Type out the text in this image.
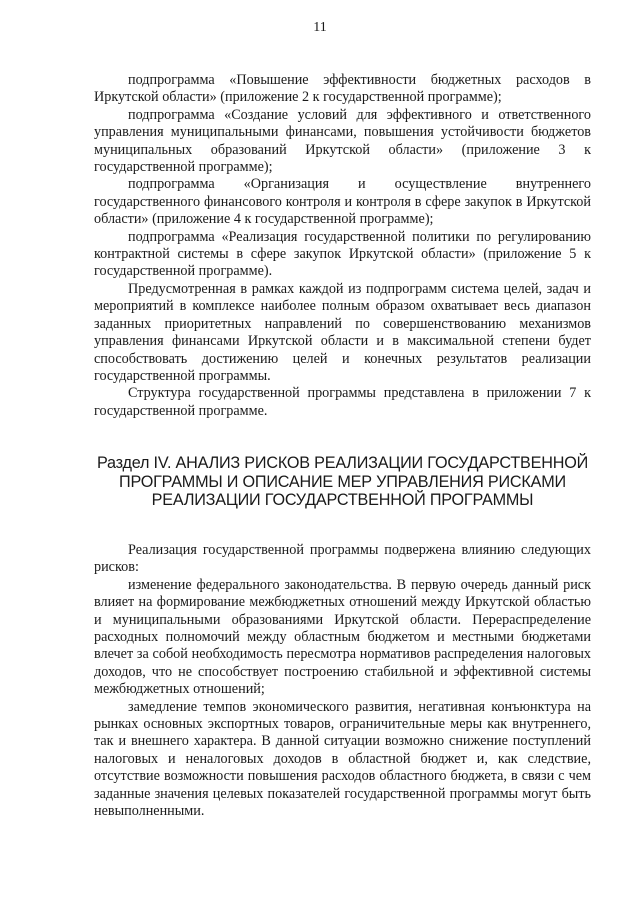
11

подпрограмма «Повышение эффективности бюджетных расходов в Иркутской области» (приложение 2 к государственной программе);

подпрограмма «Создание условий для эффективного и ответственного управления муниципальными финансами, повышения устойчивости бюджетов муниципальных образований Иркутской области» (приложение 3 к государственной программе);

подпрограмма «Организация и осуществление внутреннего государственного финансового контроля и контроля в сфере закупок в Иркутской области» (приложение 4 к государственной программе);

подпрограмма «Реализация государственной политики по регулированию контрактной системы в сфере закупок Иркутской области» (приложение 5 к государственной программе).

Предусмотренная в рамках каждой из подпрограмм система целей, задач и мероприятий в комплексе наиболее полным образом охватывает весь диапазон заданных приоритетных направлений по совершенствованию механизмов управления финансами Иркутской области и в максимальной степени будет способствовать достижению целей и конечных результатов реализации государственной программы.

Структура государственной программы представлена в приложении 7 к государственной программе.

Раздел IV. АНАЛИЗ РИСКОВ РЕАЛИЗАЦИИ ГОСУДАРСТВЕННОЙ
ПРОГРАММЫ И ОПИСАНИЕ МЕР УПРАВЛЕНИЯ РИСКАМИ
РЕАЛИЗАЦИИ ГОСУДАРСТВЕННОЙ ПРОГРАММЫ

Реализация государственной программы подвержена влиянию следующих рисков:

изменение федерального законодательства. В первую очередь данный риск влияет на формирование межбюджетных отношений между Иркутской областью и муниципальными образованиями Иркутской области. Перераспределение расходных полномочий между областным бюджетом и местными бюджетами влечет за собой необходимость пересмотра нормативов распределения налоговых доходов, что не способствует построению стабильной и эффективной системы межбюджетных отношений;

замедление темпов экономического развития, негативная конъюнктура на рынках основных экспортных товаров, ограничительные меры как внутреннего, так и внешнего характера. В данной ситуации возможно снижение поступлений налоговых и неналоговых доходов в областной бюджет и, как следствие, отсутствие возможности повышения расходов областного бюджета, в связи с чем заданные значения целевых показателей государственной программы могут быть невыполненными.
